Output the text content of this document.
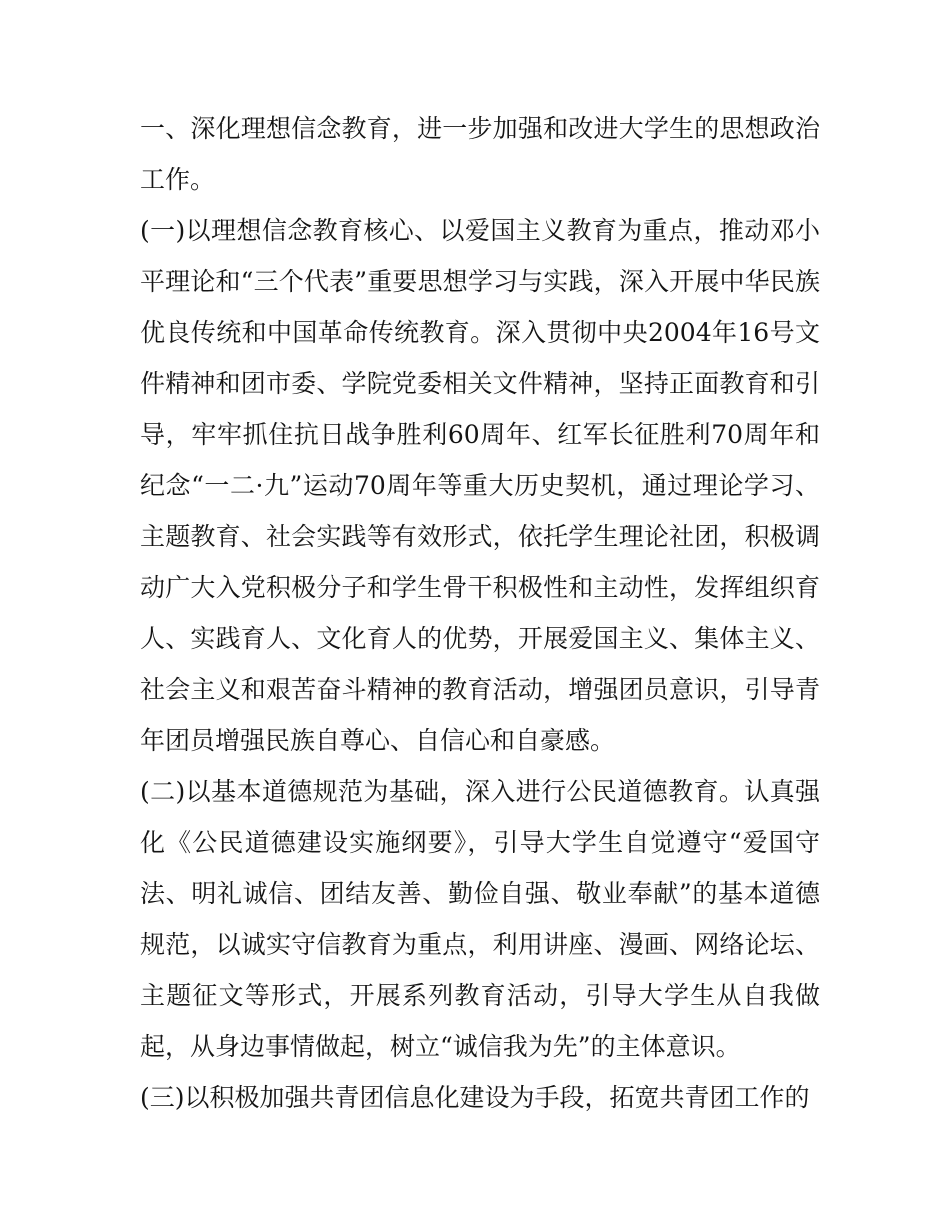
一、深化理想信念教育，进一步加强和改进大学生的思想政治工作。

(一)以理想信念教育核心、以爱国主义教育为重点，推动邓小平理论和“三个代表”重要思想学习与实践，深入开展中华民族优良传统和中国革命传统教育。深入贯彻中央2004年16号文件精神和团市委、学院党委相关文件精神，坚持正面教育和引导，牢牢抓住抗日战争胜利60周年、红军长征胜利70周年和纪念“一二·九”运动70周年等重大历史契机，通过理论学习、主题教育、社会实践等有效形式，依托学生理论社团，积极调动广大入党积极分子和学生骨干积极性和主动性，发挥组织育人、实践育人、文化育人的优势，开展爱国主义、集体主义、社会主义和艰苦奋斗精神的教育活动，增强团员意识，引导青年团员增强民族自尊心、自信心和自豪感。

(二)以基本道德规范为基础，深入进行公民道德教育。认真强化《公民道德建设实施纲要》，引导大学生自觉遵守“爱国守法、明礼诚信、团结友善、勤俭自强、敬业奉献”的基本道德规范，以诚实守信教育为重点，利用讲座、漫画、网络论坛、主题征文等形式，开展系列教育活动，引导大学生从自我做起，从身边事情做起，树立“诚信我为先”的主体意识。

(三)以积极加强共青团信息化建设为手段，拓宽共青团工作的
